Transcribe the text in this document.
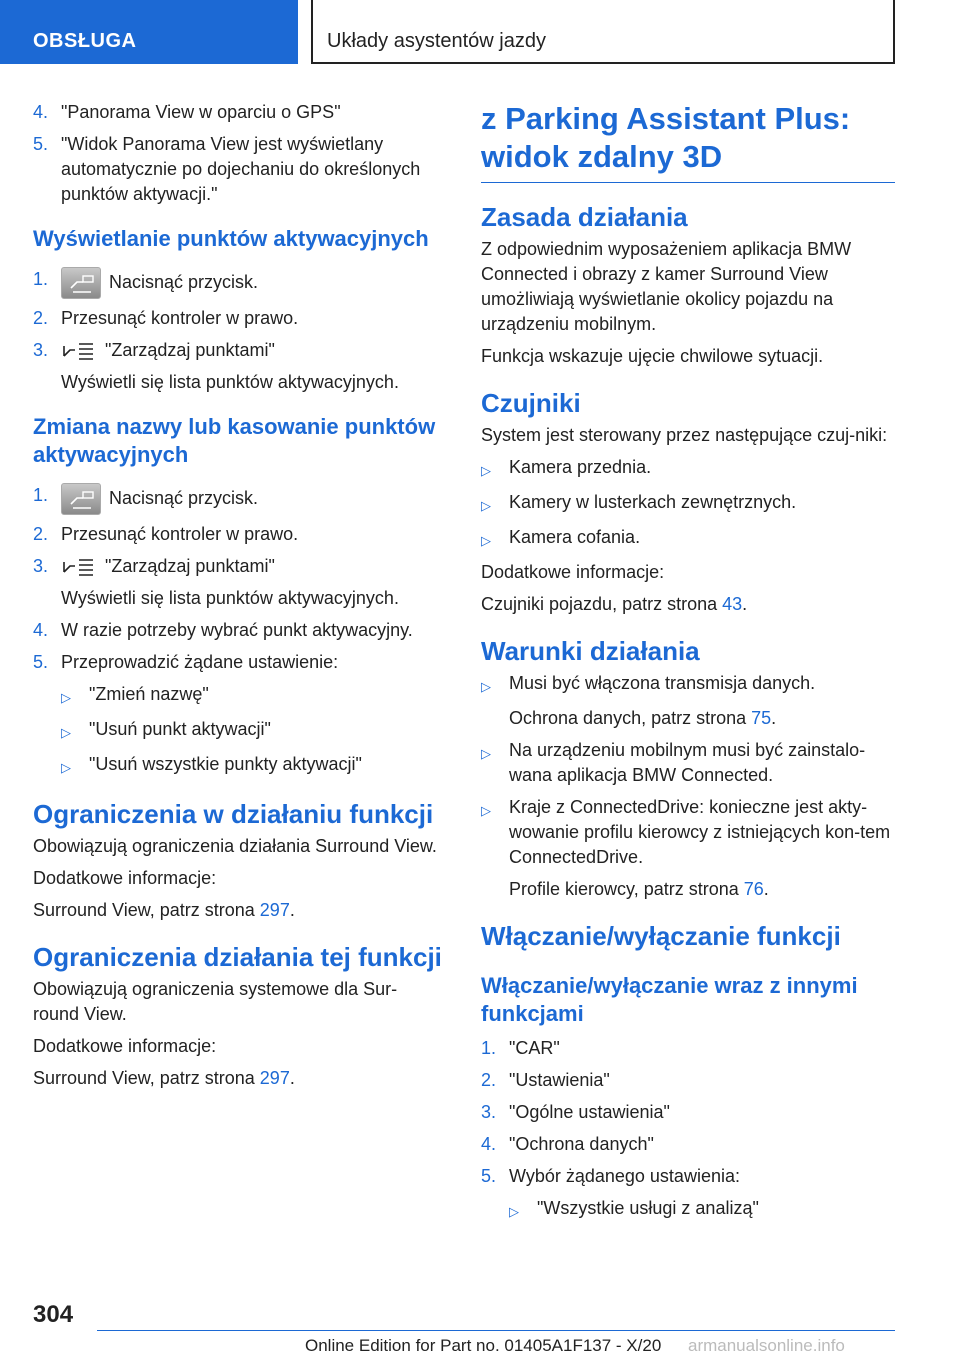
OBSŁUGA	Układy asystentów jazdy
4. "Panorama View w oparciu o GPS"
5. "Widok Panorama View jest wyświetlany automatycznie po dojechaniu do określonych punktów aktywacji."
Wyświetlanie punktów aktywacyjnych
1.	Nacisnąć przycisk.
2. Przesunąć kontroler w prawo.
3.	"Zarządzaj punktami"
Wyświetli się lista punktów aktywacyjnych.
Zmiana nazwy lub kasowanie punktów aktywacyjnych
1.	Nacisnąć przycisk.
2. Przesunąć kontroler w prawo.
3.	"Zarządzaj punktami"
Wyświetli się lista punktów aktywacyjnych.
4. W razie potrzeby wybrać punkt aktywacyjny.
5. Przeprowadzić żądane ustawienie:
▷	"Zmień nazwę"
▷	"Usuń punkt aktywacji"
▷	"Usuń wszystkie punkty aktywacji"
Ograniczenia w działaniu funkcji

Obowiązują ograniczenia działania Surround View.

Dodatkowe informacje:

Surround View, patrz strona 297.

Ograniczenia działania tej funkcji

Obowiązują ograniczenia systemowe dla Sur-round View.

Dodatkowe informacje:

Surround View, patrz strona 297.

z Parking Assistant Plus: widok zdalny 3D
Zasada działania

Z odpowiednim wyposażeniem aplikacja BMW Connected i obrazy z kamer Surround View umożliwiają wyświetlanie okolicy pojazdu na urządzeniu mobilnym.

Funkcja wskazuje ujęcie chwilowe sytuacji.

Czujniki

System jest sterowany przez następujące czuj-niki:

▷	Kamera przednia.
▷	Kamery w lusterkach zewnętrznych.
▷	Kamera cofania.

Dodatkowe informacje:

Czujniki pojazdu, patrz strona 43.

Warunki działania
▷	Musi być włączona transmisja danych.
Ochrona danych, patrz strona 75.
▷	Na urządzeniu mobilnym musi być zainstalo-wana aplikacja BMW Connected.
▷	Kraje z ConnectedDrive: konieczne jest akty-wowanie profilu kierowcy z istniejących kon-tem ConnectedDrive.
Profile kierowcy, patrz strona 76.
Włączanie/wyłączanie funkcji
Włączanie/wyłączanie wraz z innymi funkcjami
1. "CAR"
2. "Ustawienia"
3. "Ogólne ustawienia"
4. "Ochrona danych"
5. Wybór żądanego ustawienia:
▷	"Wszystkie usługi z analizą"
304
Online Edition for Part no. 01405A1F137 - X/20 armanualsonline.info
